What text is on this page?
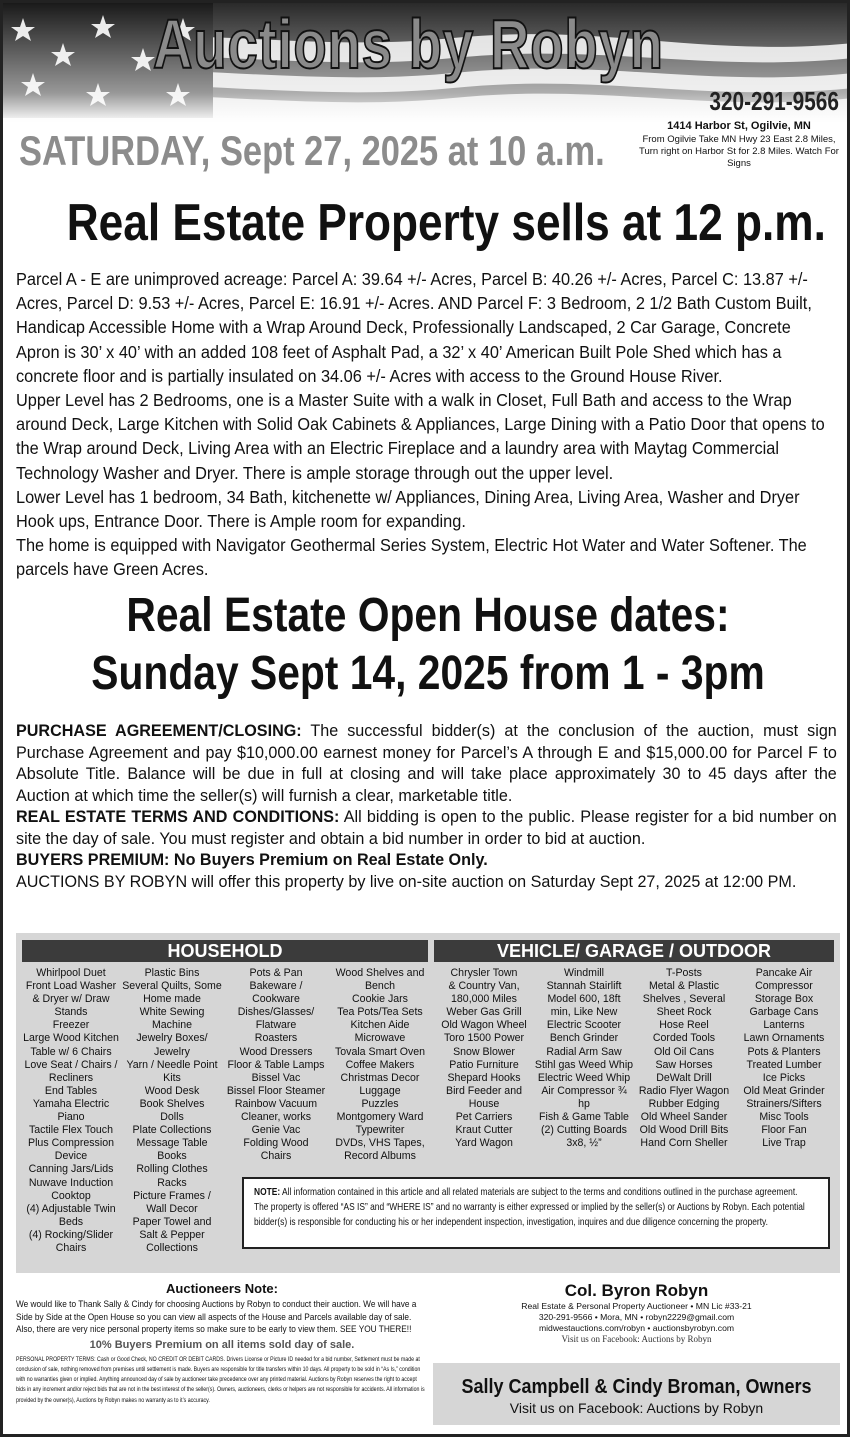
Auctions by Robyn
320-291-9566
SATURDAY, Sept 27, 2025 at 10 a.m.
1414 Harbor St, Ogilvie, MN
From Ogilvie Take MN Hwy 23 East 2.8 Miles, Turn right on Harbor St for 2.8 Miles. Watch For Signs
Real Estate Property sells at 12 p.m.

Parcel A - E are unimproved acreage: Parcel A: 39.64 +/- Acres, Parcel B: 40.26 +/- Acres, Parcel C: 13.87 +/- Acres, Parcel D: 9.53 +/- Acres, Parcel E: 16.91 +/- Acres. AND Parcel F: 3 Bedroom, 2 1/2 Bath Custom Built, Handicap Accessible Home with a Wrap Around Deck, Professionally Landscaped, 2 Car Garage, Concrete Apron is 30’ x 40’ with an added 108 feet of Asphalt Pad, a 32’ x 40’ American Built Pole Shed which has a concrete floor and is partially insulated on 34.06 +/- Acres with access to the Ground House River.

Upper Level has 2 Bedrooms, one is a Master Suite with a walk in Closet, Full Bath and access to the Wrap around Deck, Large Kitchen with Solid Oak Cabinets & Appliances, Large Dining with a Patio Door that opens to the Wrap around Deck, Living Area with an Electric Fireplace and a laundry area with Maytag Commercial Technology Washer and Dryer. There is ample storage through out the upper level.

Lower Level has 1 bedroom, 34 Bath, kitchenette w/ Appliances, Dining Area, Living Area, Washer and Dryer Hook ups, Entrance Door. There is Ample room for expanding.

The home is equipped with Navigator Geothermal Series System, Electric Hot Water and Water Softener. The parcels have Green Acres.

Real Estate Open House dates:
Sunday Sept 14, 2025 from 1 - 3pm

PURCHASE AGREEMENT/CLOSING: The successful bidder(s) at the conclusion of the auction, must sign Purchase Agreement and pay $10,000.00 earnest money for Parcel’s A through E and $15,000.00 for Parcel F to Absolute Title. Balance will be due in full at closing and will take place approximately 30 to 45 days after the Auction at which time the seller(s) will furnish a clear, marketable title.

REAL ESTATE TERMS AND CONDITIONS: All bidding is open to the public. Please register for a bid number on site the day of sale. You must register and obtain a bid number in order to bid at auction.

BUYERS PREMIUM: No Buyers Premium on Real Estate Only.

AUCTIONS BY ROBYN will offer this property by live on-site auction on Saturday Sept 27, 2025 at 12:00 PM.

HOUSEHOLD	VEHICLE/ GARAGE / OUTDOOR
Whirlpool Duet
Front Load Washer
& Dryer w/ Draw
Stands
Freezer
Large Wood Kitchen
Table w/ 6 Chairs
Love Seat / Chairs /
Recliners
End Tables
Yamaha Electric
Piano
Tactile Flex Touch
Plus Compression
Device
Canning Jars/Lids
Nuwave Induction
Cooktop
(4) Adjustable Twin
Beds
(4) Rocking/Slider
Chairs
Plastic Bins
Several Quilts, Some
Home made
White Sewing
Machine
Jewelry Boxes/
Jewelry
Yarn / Needle Point
Kits
Wood Desk
Book Shelves
Dolls
Plate Collections
Message Table
Books
Rolling Clothes
Racks
Picture Frames /
Wall Decor
Paper Towel and
Salt & Pepper
Collections
Pots & Pan
Bakeware /
Cookware
Dishes/Glasses/
Flatware
Roasters
Wood Dressers
Floor & Table Lamps
Bissel Vac
Bissel Floor Steamer
Rainbow Vacuum
Cleaner, works
Genie Vac
Folding Wood
Chairs
Wood Shelves and
Bench
Cookie Jars
Tea Pots/Tea Sets
Kitchen Aide
Microwave
Tovala Smart Oven
Coffee Makers
Christmas Decor
Luggage
Puzzles
Montgomery Ward
Typewriter
DVDs, VHS Tapes,
Record Albums
Chrysler Town
& Country Van,
180,000 Miles
Weber Gas Grill
Old Wagon Wheel
Toro 1500 Power
Snow Blower
Patio Furniture
Shepard Hooks
Bird Feeder and
House
Pet Carriers
Kraut Cutter
Yard Wagon
Windmill
Stannah Stairlift
Model 600, 18ft
min, Like New
Electric Scooter
Bench Grinder
Radial Arm Saw
Stihl gas Weed Whip
Electric Weed Whip
Air Compressor ¾
hp
Fish & Game Table
(2) Cutting Boards
3x8, ½”
T-Posts
Metal & Plastic
Shelves , Several
Sheet Rock
Hose Reel
Corded Tools
Old Oil Cans
Saw Horses
DeWalt Drill
Radio Flyer Wagon
Rubber Edging
Old Wheel Sander
Old Wood Drill Bits
Hand Corn Sheller
Pancake Air
Compressor
Storage Box
Garbage Cans
Lanterns
Lawn Ornaments
Pots & Planters
Treated Lumber
Ice Picks
Old Meat Grinder
Strainers/Sifters
Misc Tools
Floor Fan
Live Trap
NOTE: All information contained in this article and all related materials are subject to the terms and conditions outlined in the purchase agreement. The property is offered “AS IS” and “WHERE IS” and no warranty is either expressed or implied by the seller(s) or Auctions by Robyn. Each potential bidder(s) is responsible for conducting his or her independent inspection, investigation, inquires and due diligence concerning the property.
Auctioneers Note:
We would like to Thank Sally & Cindy for choosing Auctions by Robyn to conduct their auction. We will have a Side by Side at the Open House so you can view all aspects of the House and Parcels available day of sale. Also, there are very nice personal property items so make sure to be early to view them. SEE YOU THERE!!
10% Buyers Premium on all items sold day of sale.
PERSONAL PROPERTY TERMS: Cash or Good Check, NO CREDIT OR DEBIT CARDS. Drivers License or Picture ID needed for a bid number, Settlement must be made at conclusion of sale, nothing removed from premises until settlement is made. Buyers are responsible for title transfers within 10 days. All property to be sold in “As Is,” condition with no warranties given or implied. Anything announced day of sale by auctioneer take precedence over any printed material. Auctions by Robyn reserves the right to accept bids in any increment and/or reject bids that are not in the best interest of the seller(s). Owners, auctioneers, clerks or helpers are not responsible for accidents. All information is provided by the owner(s), Auctions by Robyn makes no warranty as to it’s accuracy.
Col. Byron Robyn
Real Estate & Personal Property Auctioneer • MN Lic #33-21
320-291-9566 • Mora, MN • robyn2229@gmail.com
midwestauctions.com/robyn • auctionsbyrobyn.com
Visit us on Facebook: Auctions by Robyn
Sally Campbell & Cindy Broman, Owners
Visit us on Facebook: Auctions by Robyn
